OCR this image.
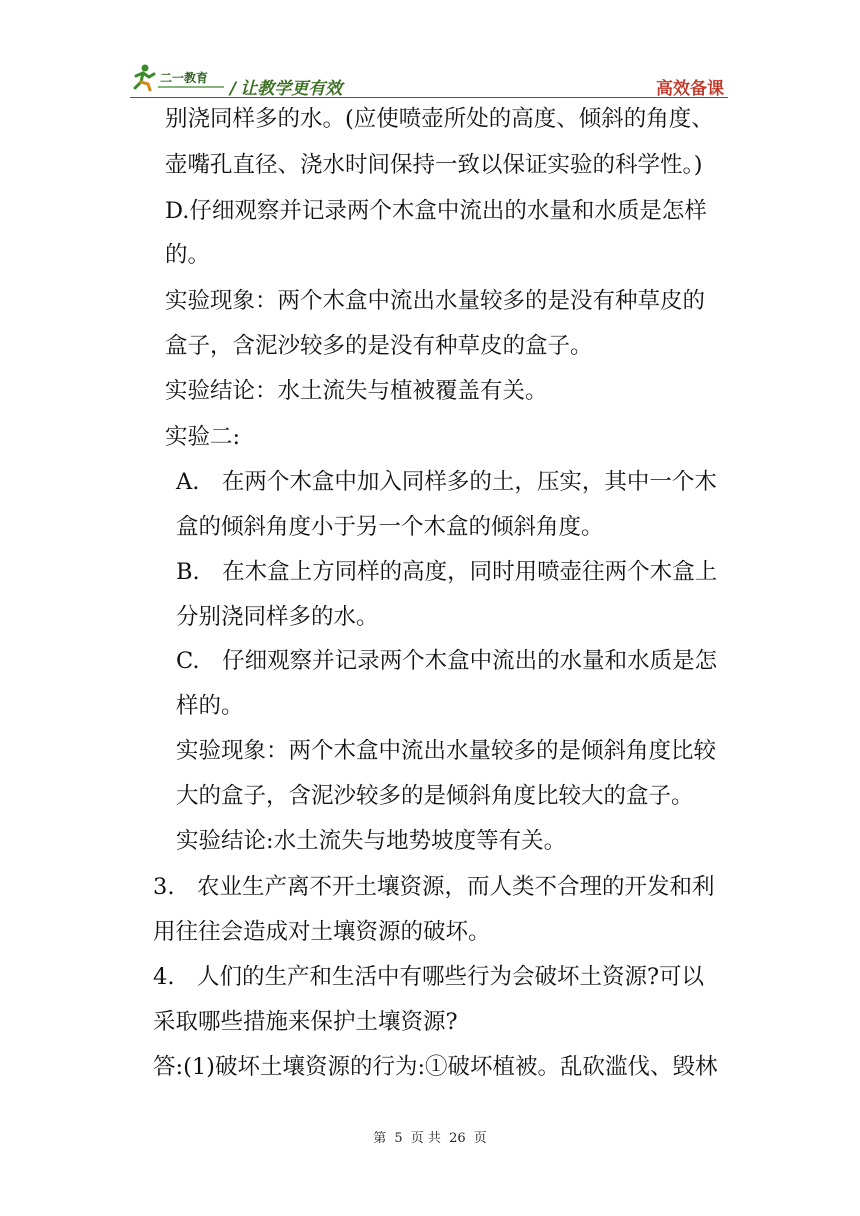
二一教育
/ 让教学更有效	高效备课
别浇同样多的水。(应使喷壶所处的高度、倾斜的角度、
壶嘴孔直径、浇水时间保持一致以保证实验的科学性。)
D.仔细观察并记录两个木盒中流出的水量和水质是怎样
的。
实验现象：两个木盒中流出水量较多的是没有种草皮的
盒子，含泥沙较多的是没有种草皮的盒子。
实验结论：水土流失与植被覆盖有关。
实验二:
A.　在两个木盒中加入同样多的土，压实，其中一个木
盒的倾斜角度小于另一个木盒的倾斜角度。
B.　在木盒上方同样的高度，同时用喷壶往两个木盒上
分别浇同样多的水。
C.　仔细观察并记录两个木盒中流出的水量和水质是怎
样的。
实验现象：两个木盒中流出水量较多的是倾斜角度比较
大的盒子，含泥沙较多的是倾斜角度比较大的盒子。
实验结论:水土流失与地势坡度等有关。
3.　农业生产离不开土壤资源，而人类不合理的开发和利
用往往会造成对土壤资源的破坏。
4.　人们的生产和生活中有哪些行为会破坏土资源?可以
采取哪些措施来保护土壤资源?
答:(1)破坏土壤资源的行为:①破坏植被。乱砍滥伐、毁林
第 5 页 共 26 页
